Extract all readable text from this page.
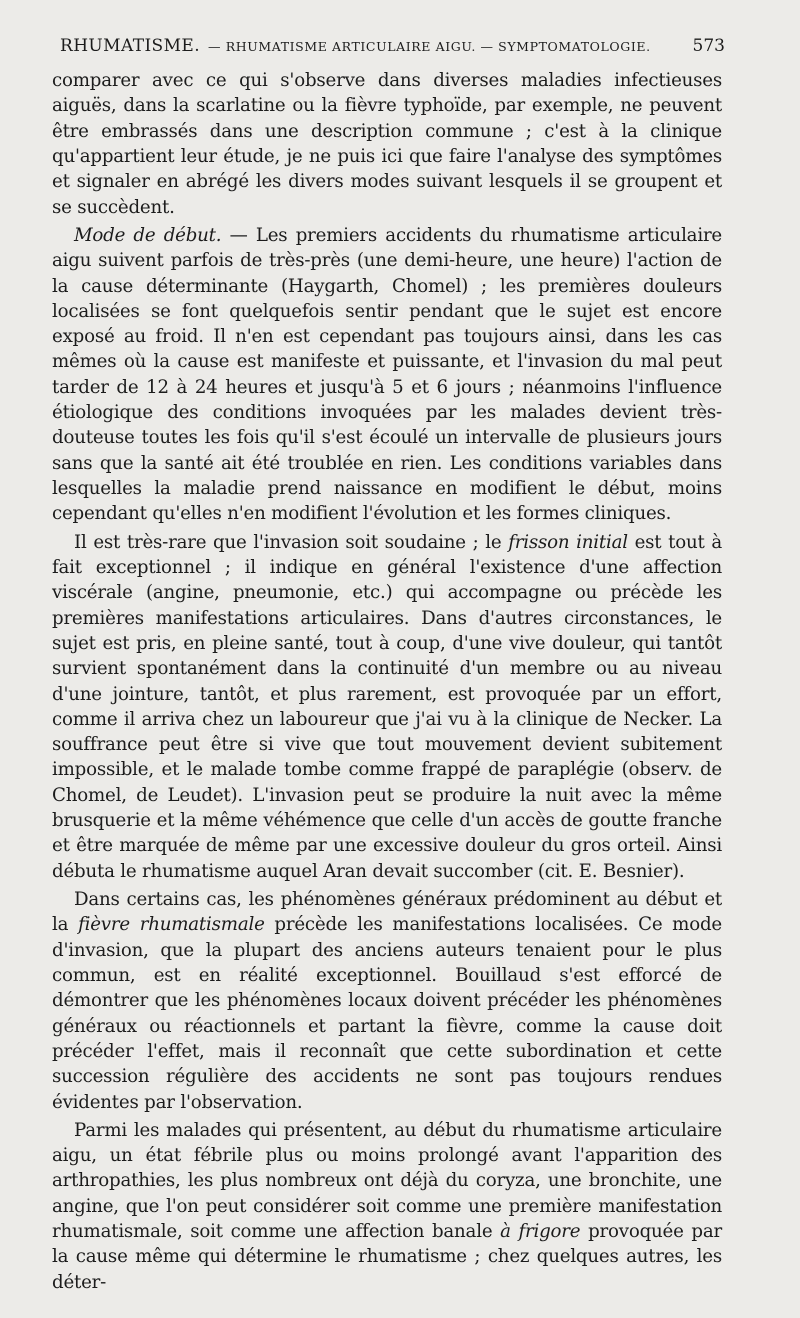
RHUMATISME. — RHUMATISME ARTICULAIRE AIGU. — SYMPTOMATOLOGIE. 573

comparer avec ce qui s'observe dans diverses maladies infectieuses aiguës, dans la scarlatine ou la fièvre typhoïde, par exemple, ne peuvent être embrassés dans une description commune ; c'est à la clinique qu'appartient leur étude, je ne puis ici que faire l'analyse des symptômes et signaler en abrégé les divers modes suivant lesquels il se groupent et se succèdent.

Mode de début. — Les premiers accidents du rhumatisme articulaire aigu suivent parfois de très-près (une demi-heure, une heure) l'action de la cause déterminante (Haygarth, Chomel) ; les premières douleurs localisées se font quelquefois sentir pendant que le sujet est encore exposé au froid. Il n'en est cependant pas toujours ainsi, dans les cas mêmes où la cause est manifeste et puissante, et l'invasion du mal peut tarder de 12 à 24 heures et jusqu'à 5 et 6 jours ; néanmoins l'influence étiologique des conditions invoquées par les malades devient très-douteuse toutes les fois qu'il s'est écoulé un intervalle de plusieurs jours sans que la santé ait été troublée en rien. Les conditions variables dans lesquelles la maladie prend naissance en modifient le début, moins cependant qu'elles n'en modifient l'évolution et les formes cliniques.

Il est très-rare que l'invasion soit soudaine ; le frisson initial est tout à fait exceptionnel ; il indique en général l'existence d'une affection viscérale (angine, pneumonie, etc.) qui accompagne ou précède les premières manifestations articulaires. Dans d'autres circonstances, le sujet est pris, en pleine santé, tout à coup, d'une vive douleur, qui tantôt survient spontanément dans la continuité d'un membre ou au niveau d'une jointure, tantôt, et plus rarement, est provoquée par un effort, comme il arriva chez un laboureur que j'ai vu à la clinique de Necker. La souffrance peut être si vive que tout mouvement devient subitement impossible, et le malade tombe comme frappé de paraplégie (observ. de Chomel, de Leudet). L'invasion peut se produire la nuit avec la même brusquerie et la même véhémence que celle d'un accès de goutte franche et être marquée de même par une excessive douleur du gros orteil. Ainsi débuta le rhumatisme auquel Aran devait succomber (cit. E. Besnier).

Dans certains cas, les phénomènes généraux prédominent au début et la fièvre rhumatismale précède les manifestations localisées. Ce mode d'invasion, que la plupart des anciens auteurs tenaient pour le plus commun, est en réalité exceptionnel. Bouillaud s'est efforcé de démontrer que les phénomènes locaux doivent précéder les phénomènes généraux ou réactionnels et partant la fièvre, comme la cause doit précéder l'effet, mais il reconnaît que cette subordination et cette succession régulière des accidents ne sont pas toujours rendues évidentes par l'observation.

Parmi les malades qui présentent, au début du rhumatisme articulaire aigu, un état fébrile plus ou moins prolongé avant l'apparition des arthropathies, les plus nombreux ont déjà du coryza, une bronchite, une angine, que l'on peut considérer soit comme une première manifestation rhumatismale, soit comme une affection banale à frigore provoquée par la cause même qui détermine le rhumatisme ; chez quelques autres, les déter-
